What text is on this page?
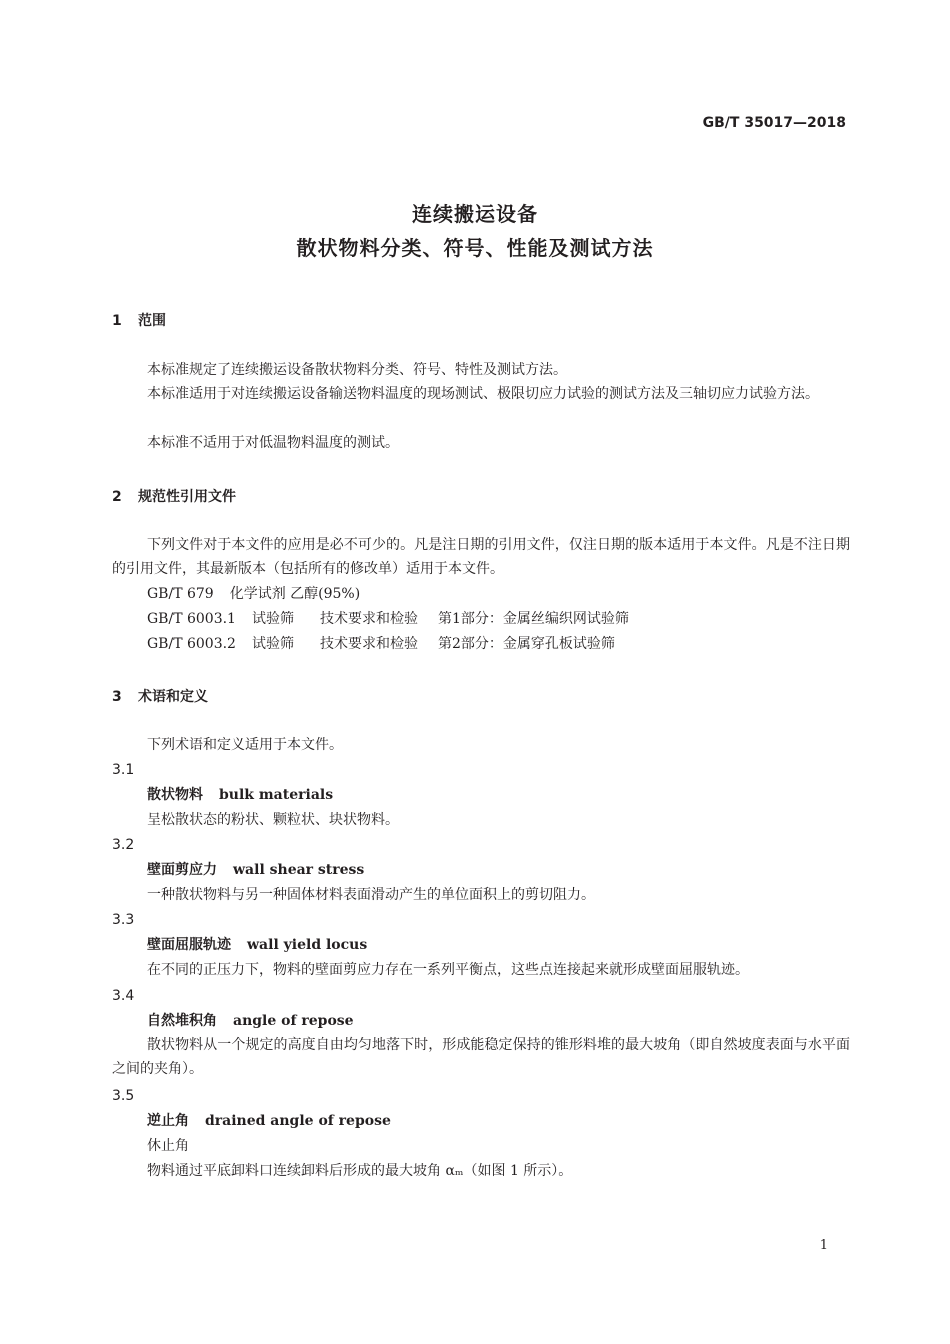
GB/T 35017—2018
连续搬运设备
散状物料分类、符号、性能及测试方法
1 范围
本标准规定了连续搬运设备散状物料分类、符号、特性及测试方法。
本标准适用于对连续搬运设备输送物料温度的现场测试、极限切应力试验的测试方法及三轴切应力试验方法。
本标准不适用于对低温物料温度的测试。
2 规范性引用文件
下列文件对于本文件的应用是必不可少的。凡是注日期的引用文件，仅注日期的版本适用于本文件。凡是不注日期的引用文件，其最新版本（包括所有的修改单）适用于本文件。
GB/T 679 化学试剂 乙醇(95%)
GB/T 6003.1 试验筛 技术要求和检验 第1部分：金属丝编织网试验筛
GB/T 6003.2 试验筛 技术要求和检验 第2部分：金属穿孔板试验筛
3 术语和定义
下列术语和定义适用于本文件。
3.1
散状物料 bulk materials
呈松散状态的粉状、颗粒状、块状物料。
3.2
壁面剪应力 wall shear stress
一种散状物料与另一种固体材料表面滑动产生的单位面积上的剪切阻力。
3.3
壁面屈服轨迹 wall yield locus
在不同的正压力下，物料的壁面剪应力存在一系列平衡点，这些点连接起来就形成壁面屈服轨迹。
3.4
自然堆积角 angle of repose
散状物料从一个规定的高度自由均匀地落下时，形成能稳定保持的锥形料堆的最大坡角（即自然坡度表面与水平面之间的夹角）。
3.5
逆止角 drained angle of repose
休止角
物料通过平底卸料口连续卸料后形成的最大坡角 αₘ（如图 1 所示）。
1
